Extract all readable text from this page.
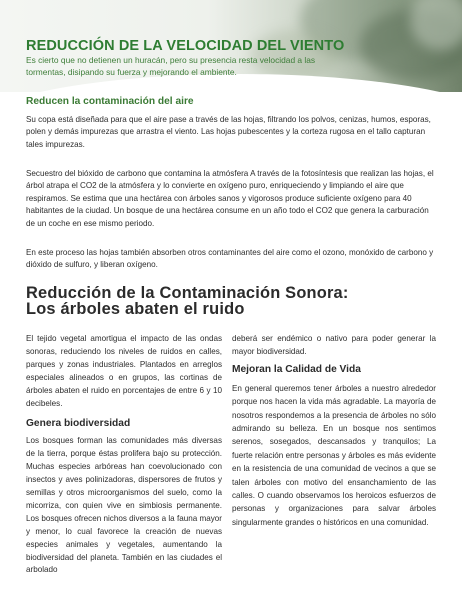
REDUCCIÓN DE LA VELOCIDAD DEL VIENTO

Es cierto que no detienen un huracán, pero su presencia resta velocidad a las tormentas, disipando su fuerza y mejorando el ambiente.

Reducen la contaminación del aire

Su copa está diseñada para que el aire pase a través de las hojas, filtrando los polvos, cenizas, humos, esporas, polen y demás impurezas que arrastra el viento. Las hojas pubescentes y la corteza rugosa en el tallo capturan tales impurezas.

Secuestro del bióxido de carbono que contamina la atmósfera A través de la fotosíntesis que realizan las hojas, el árbol atrapa el CO2 de la atmósfera y lo convierte en oxígeno puro, enriqueciendo y limpiando el aire que respiramos. Se estima que una hectárea con árboles sanos y vigorosos produce suficiente oxígeno para 40 habitantes de la ciudad. Un bosque de una hectárea consume en un año todo el CO2 que genera la carburación de un coche en ese mismo periodo.

En este proceso las hojas también absorben otros contaminantes del aire como el ozono, monóxido de carbono y dióxido de sulfuro, y liberan oxígeno.

Reducción de la Contaminación Sonora:
Los árboles abaten el ruido

El tejido vegetal amortigua el impacto de las ondas sonoras, reduciendo los niveles de ruidos en calles, parques y zonas industriales. Plantados en arreglos especiales alineados o en grupos, las cortinas de árboles abaten el ruido en porcentajes de entre 6 y 10 decibeles.

Genera biodiversidad

Los bosques forman las comunidades más diversas de la tierra, porque éstas prolifera bajo su protección. Muchas especies arbóreas han coevolucionado con insectos y aves polinizadoras, dispersores de frutos y semillas y otros microorganismos del suelo, como la micorriza, con quien vive en simbiosis permanente. Los bosques ofrecen nichos diversos a la fauna mayor y menor, lo cual favorece la creación de nuevas especies animales y vegetales, aumentando la biodiversidad del planeta. También en las ciudades el arbolado

deberá ser endémico o nativo para poder generar la mayor biodiversidad.

Mejoran la Calidad de Vida

En general queremos tener árboles a nuestro alrededor porque nos hacen la vida más agradable. La mayoría de nosotros respondemos a la presencia de árboles no sólo admirando su belleza. En un bosque nos sentimos serenos, sosegados, descansados y tranquilos; La fuerte relación entre personas y árboles es más evidente en la resistencia de una comunidad de vecinos a que se talen árboles con motivo del ensanchamiento de las calles. O cuando observamos los heroicos esfuerzos de personas y organizaciones para salvar árboles singularmente grandes o históricos en una comunidad.
